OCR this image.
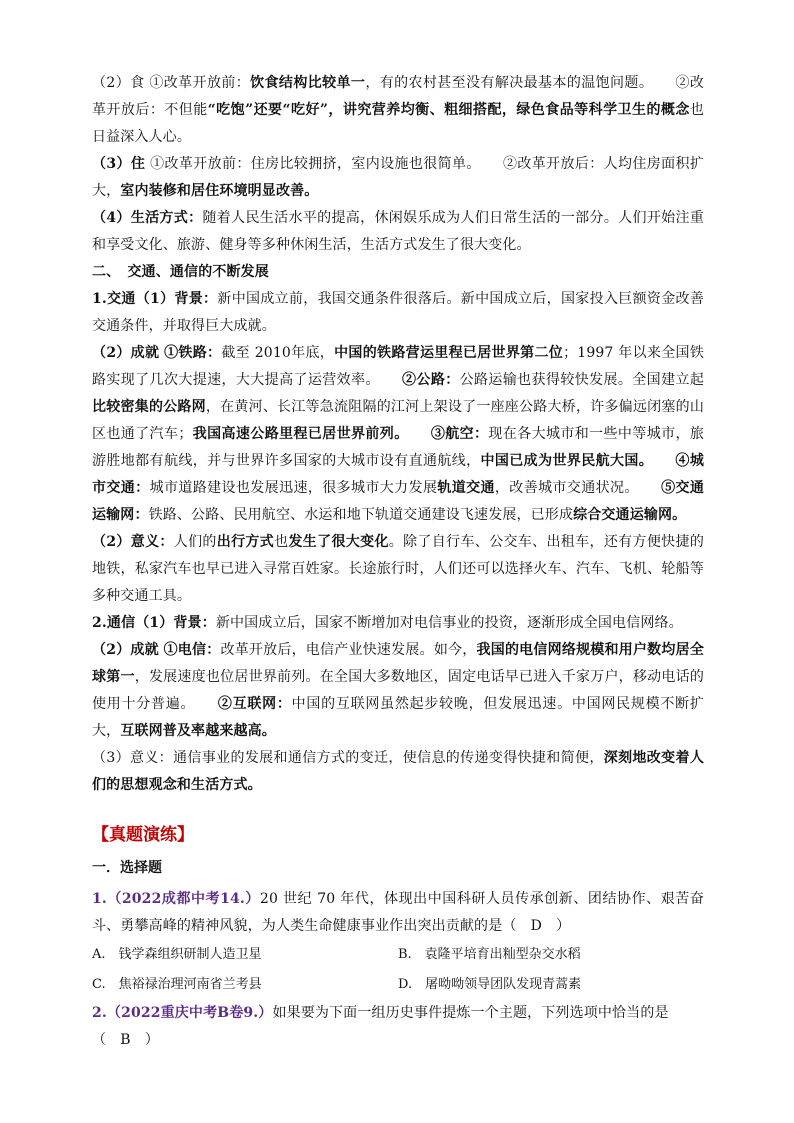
（2）食 ①改革开放前：饮食结构比较单一，有的农村甚至没有解决最基本的温饱问题。 ②改革开放后：不但能“吃饱”还要“吃好”，讲究营养均衡、粗细搭配，绿色食品等科学卫生的概念也日益深入人心。

（3）住 ①改革开放前：住房比较拥挤，室内设施也很简单。 ②改革开放后：人均住房面积扩大，室内装修和居住环境明显改善。

（4）生活方式：随着人民生活水平的提高，休闲娱乐成为人们日常生活的一部分。人们开始注重和享受文化、旅游、健身等多种休闲生活，生活方式发生了很大变化。

二、　交通、通信的不断发展

1.交通（1）背景：新中国成立前，我国交通条件很落后。新中国成立后，国家投入巨额资金改善交通条件，并取得巨大成就。

（2）成就 ①铁路：截至 2010年底，中国的铁路营运里程已居世界第二位；1997 年以来全国铁路实现了几次大提速，大大提高了运营效率。 ②公路：公路运输也获得较快发展。全国建立起比较密集的公路网，在黄河、长江等急流阻隔的江河上架设了一座座公路大桥，许多偏远闭塞的山区也通了汽车；我国高速公路里程已居世界前列。 ③航空：现在各大城市和一些中等城市，旅游胜地都有航线，并与世界许多国家的大城市设有直通航线，中国已成为世界民航大国。 ④城市交通：城市道路建设也发展迅速，很多城市大力发展轨道交通，改善城市交通状况。 ⑤交通运输网：铁路、公路、民用航空、水运和地下轨道交通建设飞速发展，已形成综合交通运输网。

（2）意义：人们的出行方式也发生了很大变化。除了自行车、公交车、出租车，还有方便快捷的地铁，私家汽车也早已进入寻常百姓家。长途旅行时，人们还可以选择火车、汽车、飞机、轮船等多种交通工具。

2.通信（1）背景：新中国成立后，国家不断增加对电信事业的投资，逐渐形成全国电信网络。

（2）成就 ①电信：改革开放后，电信产业快速发展。如今，我国的电信网络规模和用户数均居全球第一，发展速度也位居世界前列。在全国大多数地区，固定电话早已进入千家万户，移动电话的使用十分普遍。 ②互联网：中国的互联网虽然起步较晚，但发展迅速。中国网民规模不断扩大，互联网普及率越来越高。

（3）意义：通信事业的发展和通信方式的变迁，使信息的传递变得快捷和简便，深刻地改变着人们的思想观念和生活方式。

【真题演练】
一．选择题

1.（2022成都中考14.）20 世纪 70 年代，体现出中国科研人员传承创新、团结协作、艰苦奋斗、勇攀高峰的精神风貌，为人类生命健康事业作出突出贡献的是（　D　）

A.　钱学森组织研制人造卫星	B.　袁隆平培育出籼型杂交水稻
C.　焦裕禄治理河南省兰考县	D.　屠呦呦领导团队发现青蒿素

2.（2022重庆中考B卷9.）如果要为下面一组历史事件提炼一个主题，下列选项中恰当的是

（　B　）
